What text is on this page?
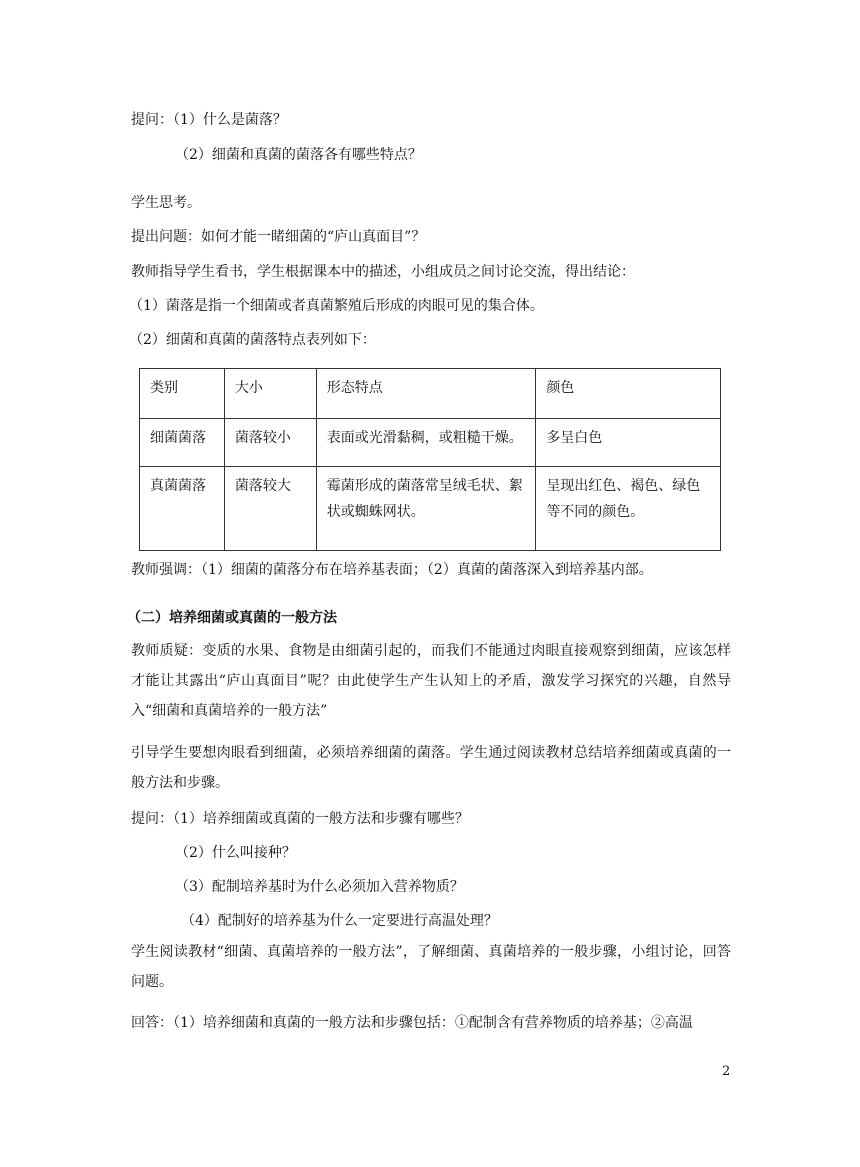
提问：（1）什么是菌落？
（2）细菌和真菌的菌落各有哪些特点？
学生思考。
提出问题：如何才能一睹细菌的“庐山真面目”？
教师指导学生看书，学生根据课本中的描述，小组成员之间讨论交流，得出结论：
（1）菌落是指一个细菌或者真菌繁殖后形成的肉眼可见的集合体。
（2）细菌和真菌的菌落特点表列如下：
类别	大小	形态特点	颜色
细菌菌落	菌落较小	表面或光滑黏稠，或粗糙干燥。	多呈白色
真菌菌落	菌落较大	霉菌形成的菌落常呈绒毛状、絮状或蜘蛛网状。	呈现出红色、褐色、绿色等不同的颜色。
教师强调：（1）细菌的菌落分布在培养基表面；（2）真菌的菌落深入到培养基内部。
（二）培养细菌或真菌的一般方法
教师质疑：变质的水果、食物是由细菌引起的，而我们不能通过肉眼直接观察到细菌，应该怎样才能让其露出“庐山真面目”呢？由此使学生产生认知上的矛盾，激发学习探究的兴趣，自然导入“细菌和真菌培养的一般方法”
引导学生要想肉眼看到细菌，必须培养细菌的菌落。学生通过阅读教材总结培养细菌或真菌的一般方法和步骤。
提问：（1）培养细菌或真菌的一般方法和步骤有哪些？
（2）什么叫接种？
（3）配制培养基时为什么必须加入营养物质？
（4）配制好的培养基为什么一定要进行高温处理？
学生阅读教材“细菌、真菌培养的一般方法”，了解细菌、真菌培养的一般步骤，小组讨论，回答问题。
回答：（1）培养细菌和真菌的一般方法和步骤包括：①配制含有营养物质的培养基；②高温
2
